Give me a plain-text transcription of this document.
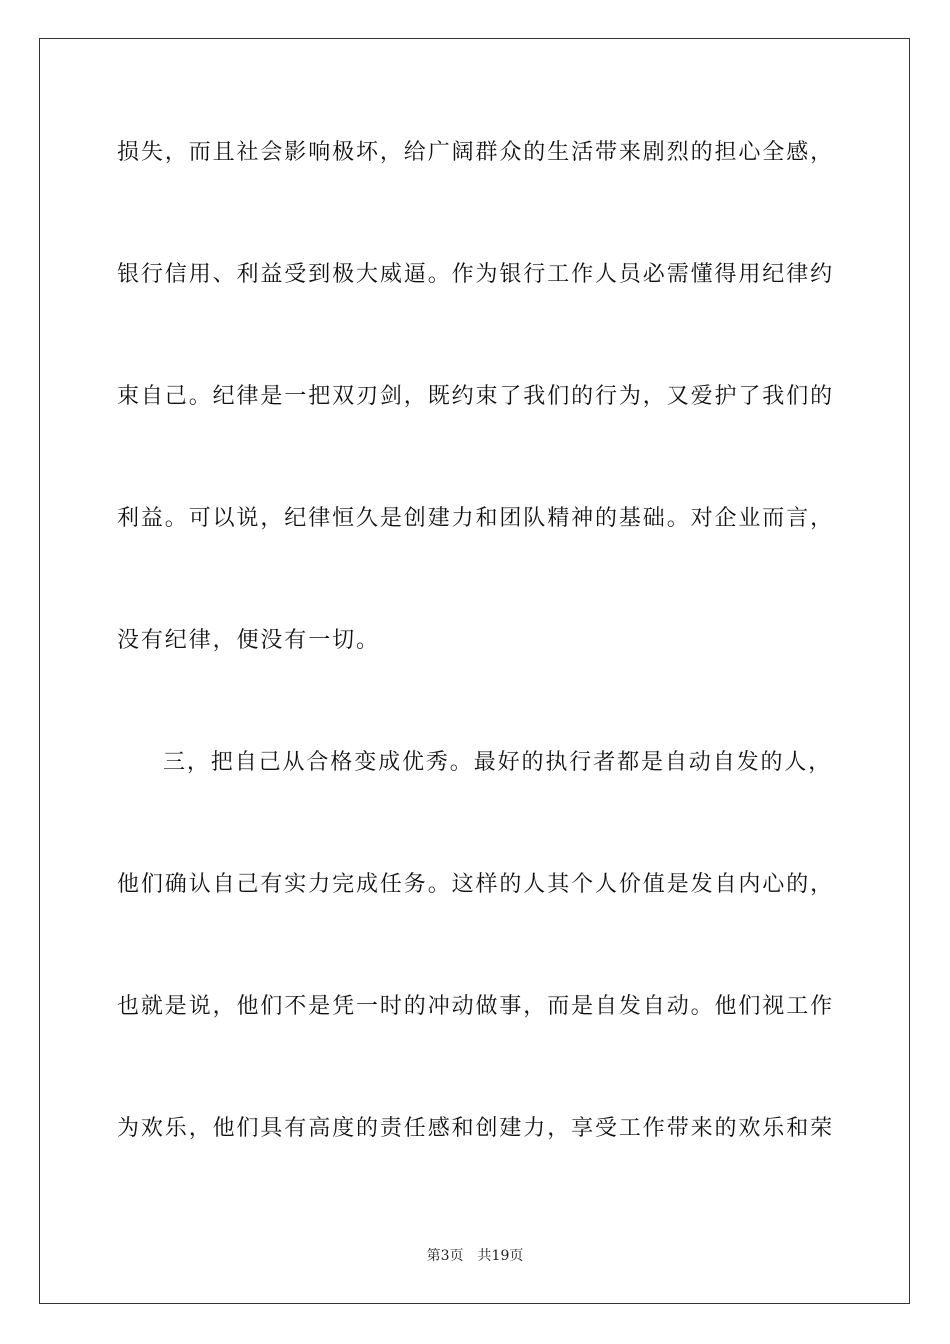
损失，而且社会影响极坏，给广阔群众的生活带来剧烈的担心全感，
银行信用、利益受到极大威逼。作为银行工作人员必需懂得用纪律约
束自己。纪律是一把双刃剑，既约束了我们的行为，又爱护了我们的
利益。可以说，纪律恒久是创建力和团队精神的基础。对企业而言，
没有纪律，便没有一切。
三，把自己从合格变成优秀。最好的执行者都是自动自发的人，
他们确认自己有实力完成任务。这样的人其个人价值是发自内心的，
也就是说，他们不是凭一时的冲动做事，而是自发自动。他们视工作
为欢乐，他们具有高度的责任感和创建力，享受工作带来的欢乐和荣
第3页 共19页
